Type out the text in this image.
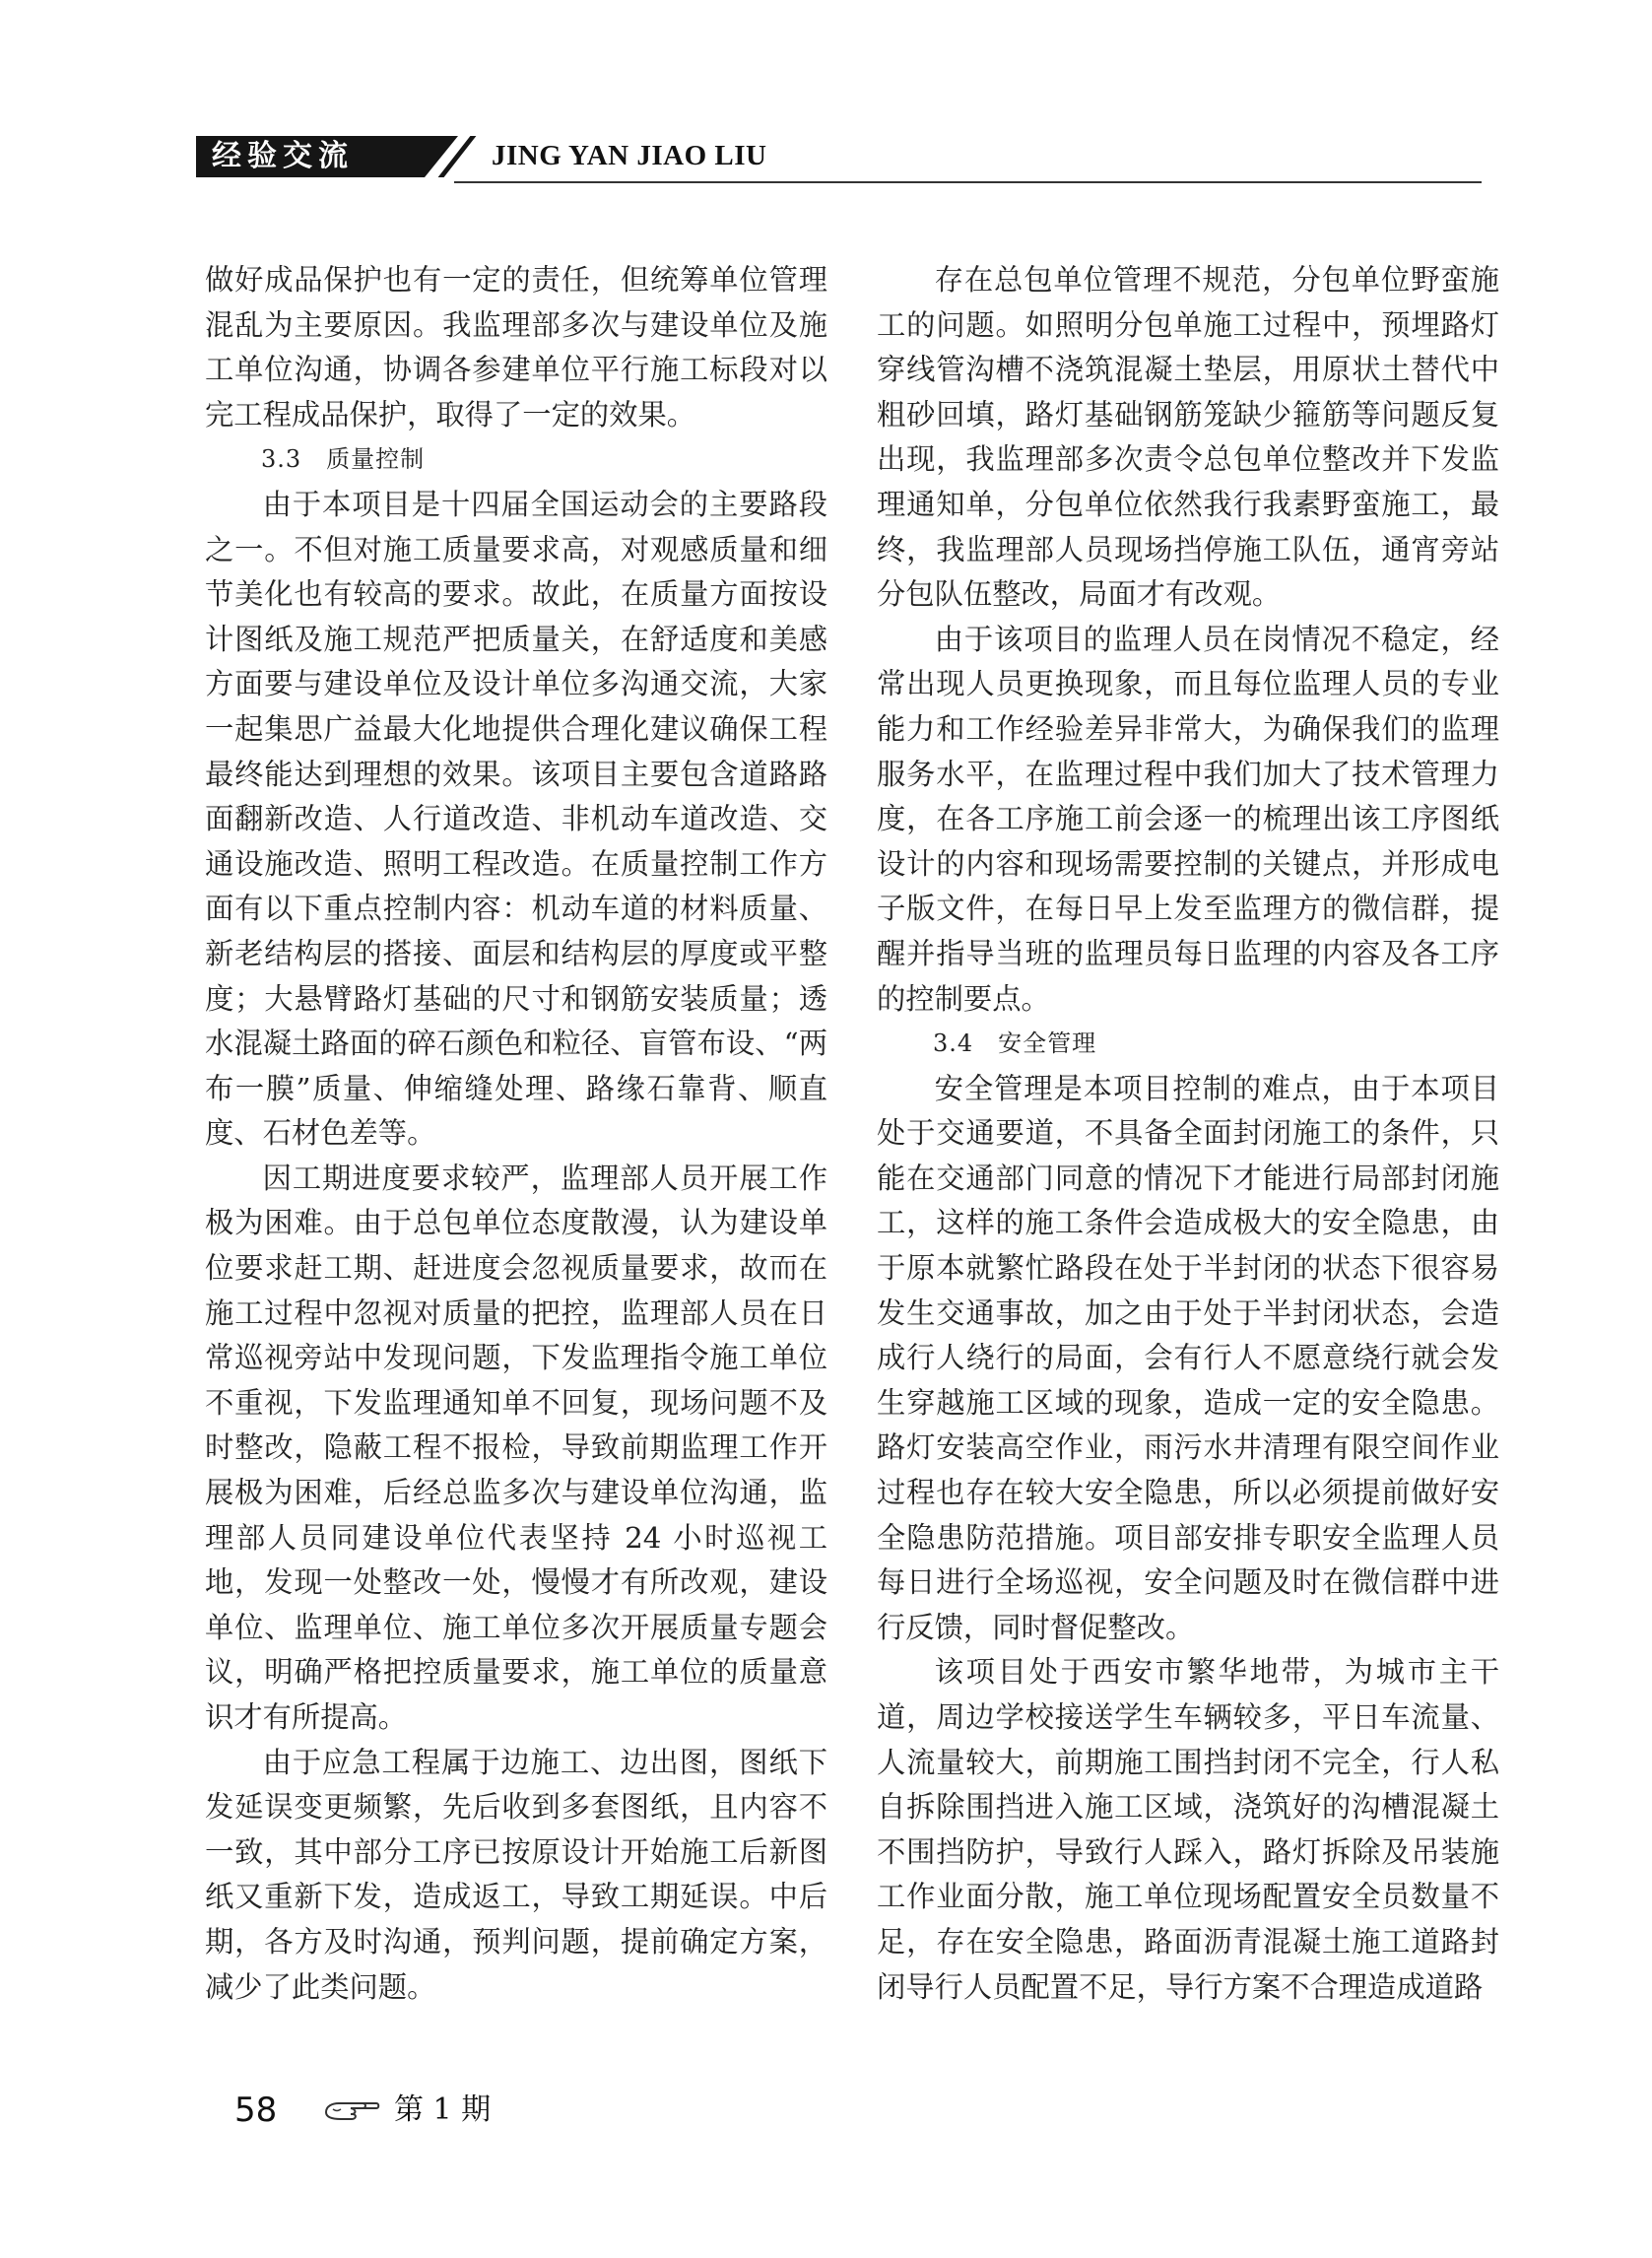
经验交流	JING YAN JIAO LIU

做好成品保护也有一定的责任，但统筹单位管理混乱为主要原因。我监理部多次与建设单位及施工单位沟通，协调各参建单位平行施工标段对以完工程成品保护，取得了一定的效果。

3.3　质量控制

由于本项目是十四届全国运动会的主要路段之一。不但对施工质量要求高，对观感质量和细节美化也有较高的要求。故此，在质量方面按设计图纸及施工规范严把质量关，在舒适度和美感方面要与建设单位及设计单位多沟通交流，大家一起集思广益最大化地提供合理化建议确保工程最终能达到理想的效果。该项目主要包含道路路面翻新改造、人行道改造、非机动车道改造、交通设施改造、照明工程改造。在质量控制工作方面有以下重点控制内容：机动车道的材料质量、新老结构层的搭接、面层和结构层的厚度或平整度；大悬臂路灯基础的尺寸和钢筋安装质量；透水混凝土路面的碎石颜色和粒径、盲管布设、“两布一膜”质量、伸缩缝处理、路缘石靠背、顺直度、石材色差等。

因工期进度要求较严，监理部人员开展工作极为困难。由于总包单位态度散漫，认为建设单位要求赶工期、赶进度会忽视质量要求，故而在施工过程中忽视对质量的把控，监理部人员在日常巡视旁站中发现问题，下发监理指令施工单位不重视，下发监理通知单不回复，现场问题不及时整改，隐蔽工程不报检，导致前期监理工作开展极为困难，后经总监多次与建设单位沟通，监理部人员同建设单位代表坚持 24 小时巡视工地，发现一处整改一处，慢慢才有所改观，建设单位、监理单位、施工单位多次开展质量专题会议，明确严格把控质量要求，施工单位的质量意识才有所提高。

由于应急工程属于边施工、边出图，图纸下发延误变更频繁，先后收到多套图纸，且内容不一致，其中部分工序已按原设计开始施工后新图纸又重新下发，造成返工，导致工期延误。中后期，各方及时沟通，预判问题，提前确定方案，减少了此类问题。

存在总包单位管理不规范，分包单位野蛮施工的问题。如照明分包单施工过程中，预埋路灯穿线管沟槽不浇筑混凝土垫层，用原状土替代中粗砂回填，路灯基础钢筋笼缺少箍筋等问题反复出现，我监理部多次责令总包单位整改并下发监理通知单，分包单位依然我行我素野蛮施工，最终，我监理部人员现场挡停施工队伍，通宵旁站分包队伍整改，局面才有改观。

由于该项目的监理人员在岗情况不稳定，经常出现人员更换现象，而且每位监理人员的专业能力和工作经验差异非常大，为确保我们的监理服务水平，在监理过程中我们加大了技术管理力度，在各工序施工前会逐一的梳理出该工序图纸设计的内容和现场需要控制的关键点，并形成电子版文件，在每日早上发至监理方的微信群，提醒并指导当班的监理员每日监理的内容及各工序的控制要点。

3.4　安全管理

安全管理是本项目控制的难点，由于本项目处于交通要道，不具备全面封闭施工的条件，只能在交通部门同意的情况下才能进行局部封闭施工，这样的施工条件会造成极大的安全隐患，由于原本就繁忙路段在处于半封闭的状态下很容易发生交通事故，加之由于处于半封闭状态，会造成行人绕行的局面，会有行人不愿意绕行就会发生穿越施工区域的现象，造成一定的安全隐患。路灯安装高空作业，雨污水井清理有限空间作业过程也存在较大安全隐患，所以必须提前做好安全隐患防范措施。项目部安排专职安全监理人员每日进行全场巡视，安全问题及时在微信群中进行反馈，同时督促整改。

该项目处于西安市繁华地带，为城市主干道，周边学校接送学生车辆较多，平日车流量、人流量较大，前期施工围挡封闭不完全，行人私自拆除围挡进入施工区域，浇筑好的沟槽混凝土不围挡防护，导致行人踩入，路灯拆除及吊装施工作业面分散，施工单位现场配置安全员数量不足，存在安全隐患，路面沥青混凝土施工道路封闭导行人员配置不足，导行方案不合理造成道路

58	第 1 期
